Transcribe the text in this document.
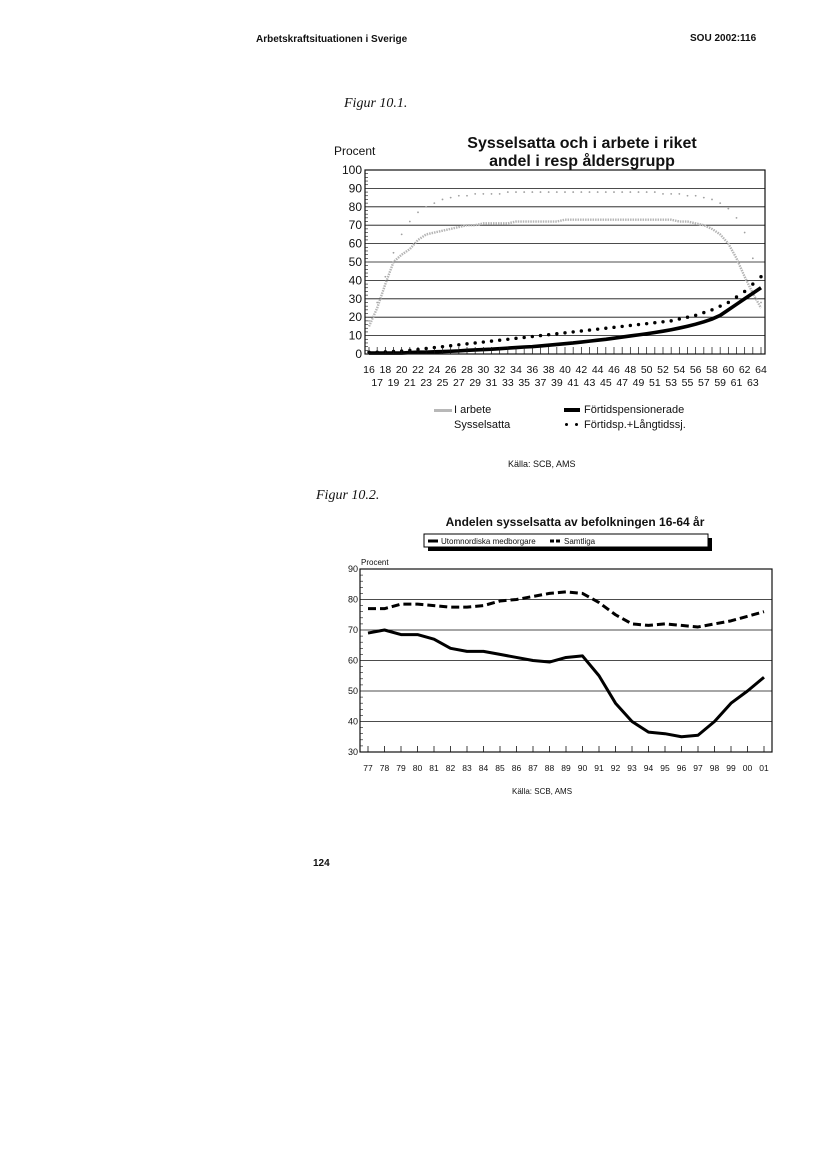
Arbetskraftsituationen i Sverige	SOU 2002:116
Figur 10.1.
Sysselsatta och i arbete i riket
andel i resp åldersgrupp
Procent
0
10
20
30
40
50
60
70
80
90
100
16 18 20 22 24 26 28 30 32 34 36 38 40 42 44 46 48 50 52 54 56 58 60 62 64
17 19 21 23 25 27 29 31 33 35 37 39 41 43 45 47 49 51 53 55 57 59 61 63
I arbete
Sysselsatta
Förtidspensionerade
Förtidsp.+Långtidssj.
Källa: SCB, AMS
Figur 10.2.
Andelen sysselsatta av befolkningen 16-64 år
Utomnordiska medborgare	Samtliga
Procent
30
40
50
60
70
80
90
77 78 79 80 81 82 83 84 85 86 87 88 89 90 91 92 93 94 95 96 97 98 99 00 01
Källa: SCB, AMS
124
